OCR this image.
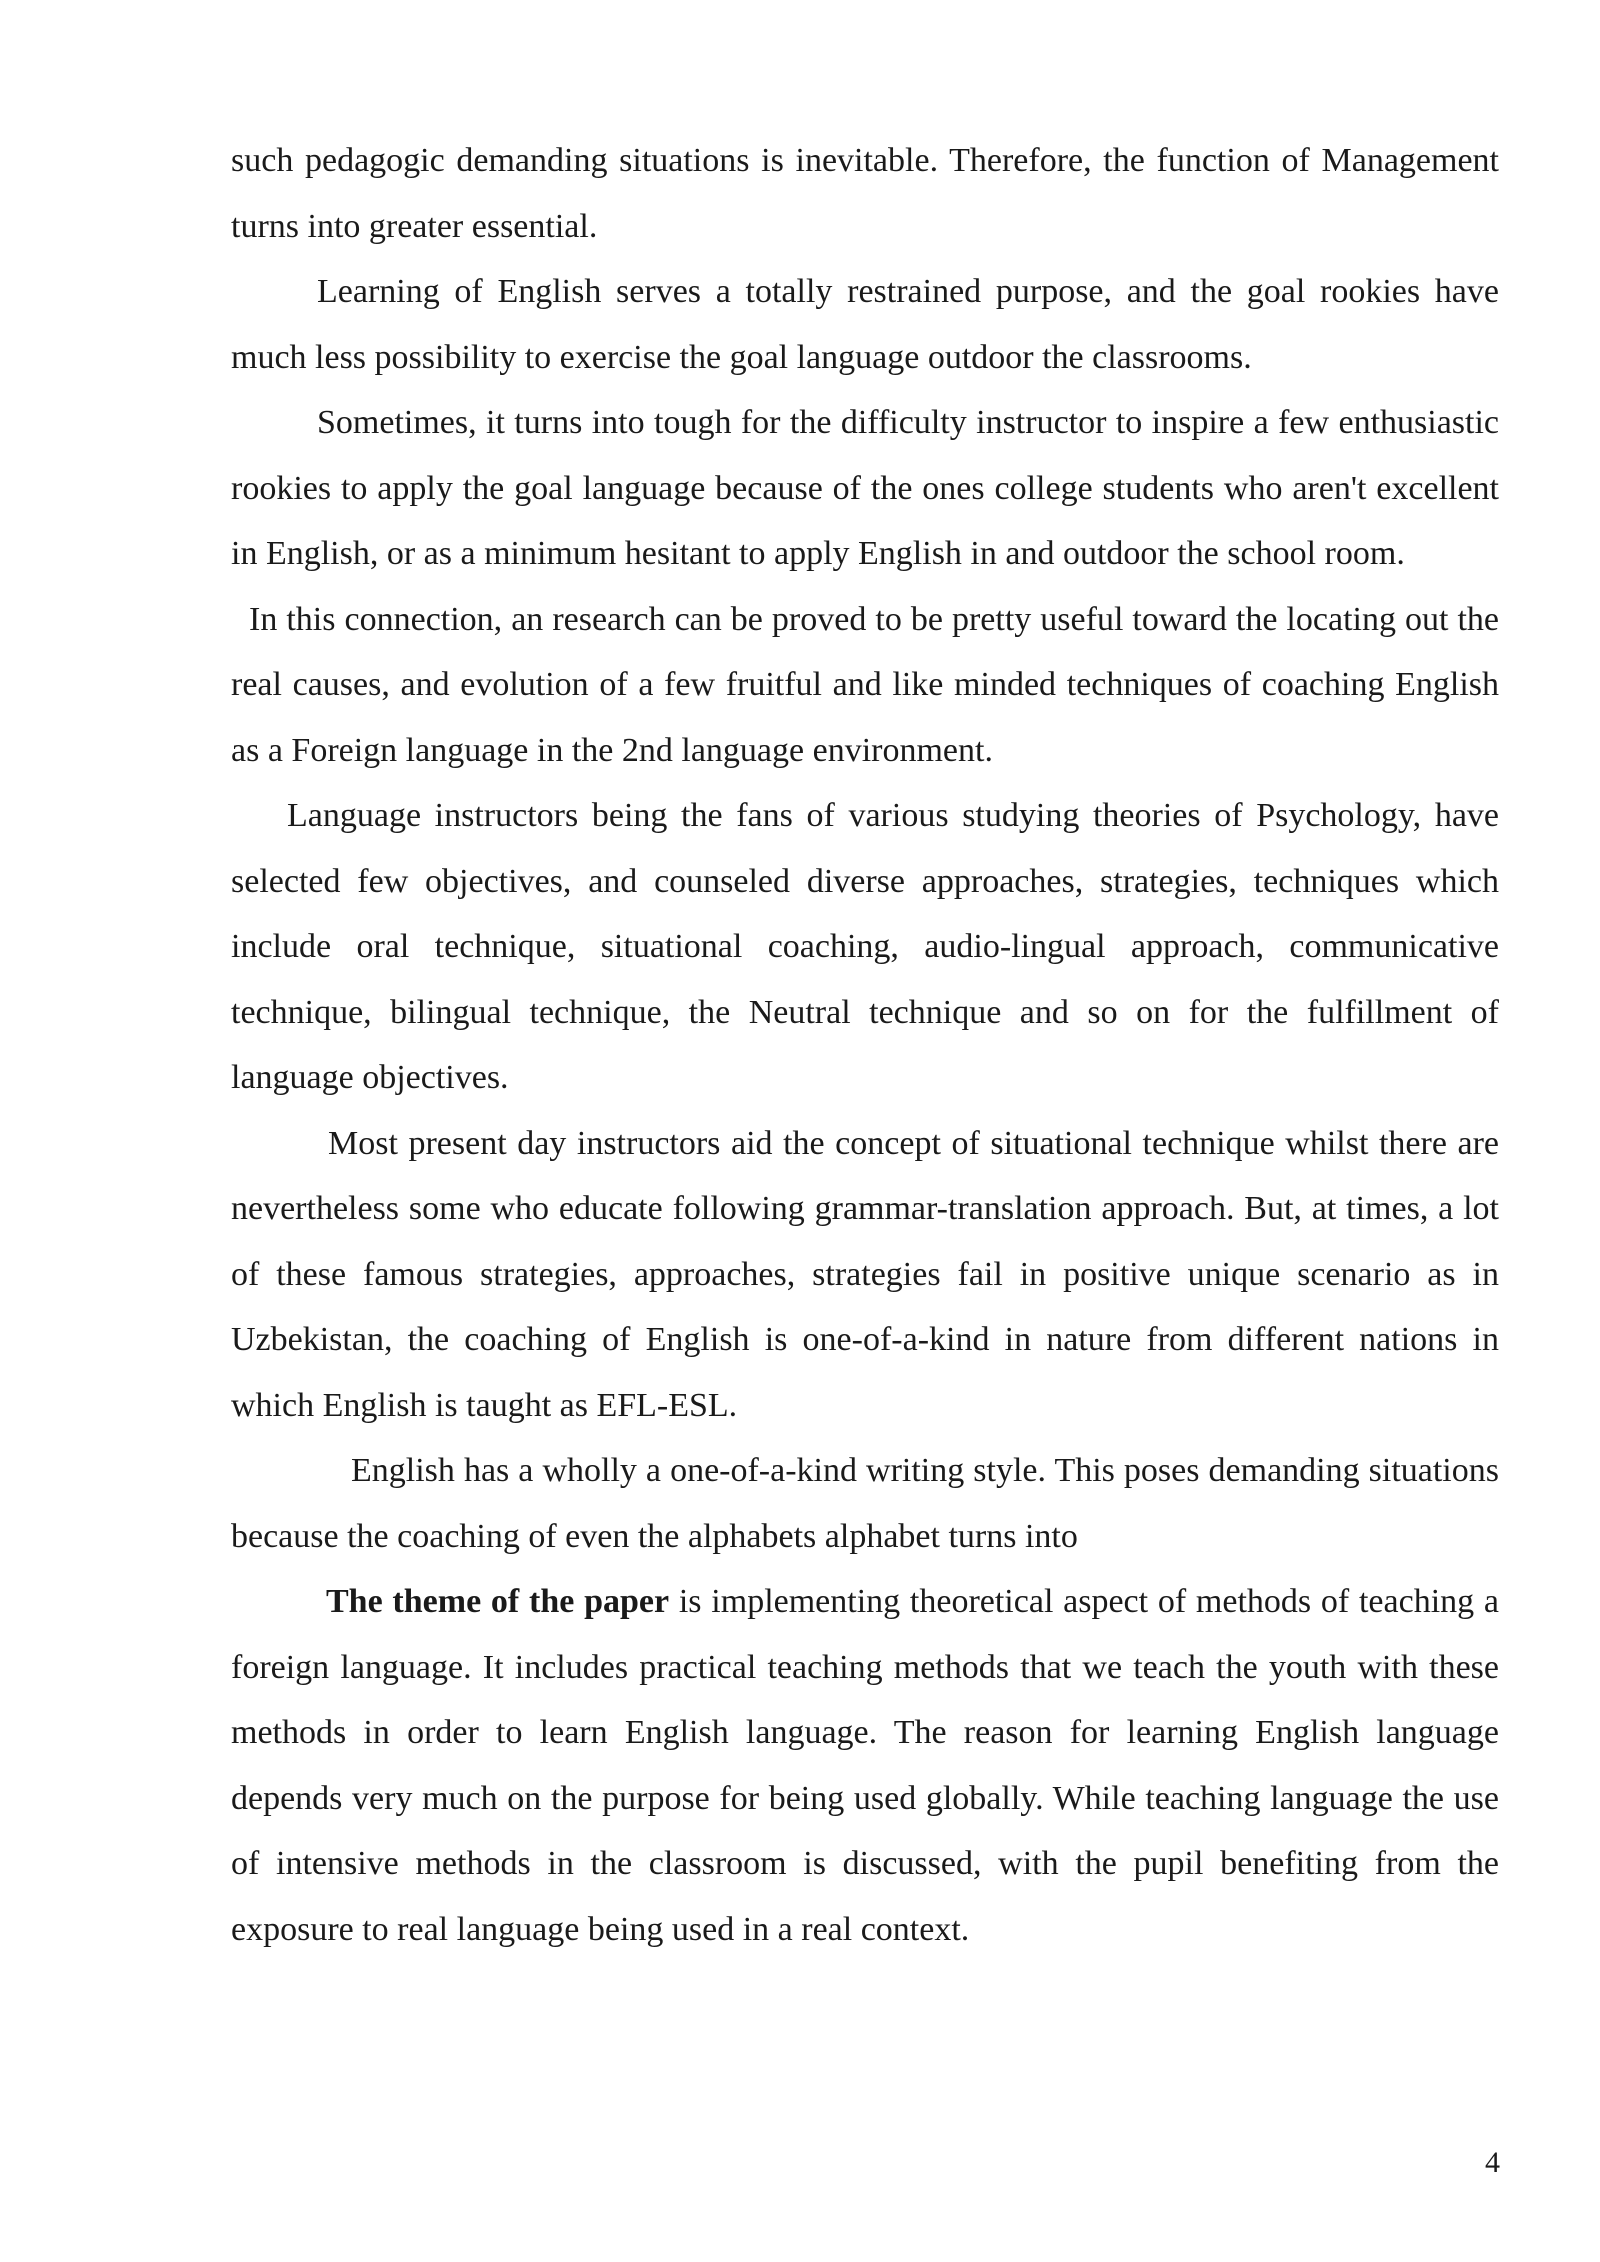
such pedagogic demanding situations is inevitable. Therefore, the function of Management turns into greater essential.

Learning of English serves a totally restrained purpose, and the goal rookies have much less possibility to exercise the goal language outdoor the classrooms.

Sometimes, it turns into tough for the difficulty instructor to inspire a few enthusiastic rookies to apply the goal language because of the ones college students who aren't excellent in English, or as a minimum hesitant to apply English in and outdoor the school room.

In this connection, an research can be proved to be pretty useful toward the locating out the real causes, and evolution of a few fruitful and like minded techniques of coaching English as a Foreign language in the 2nd language environment.

Language instructors being the fans of various studying theories of Psychology, have selected few objectives, and counseled diverse approaches, strategies, techniques which include oral technique, situational coaching, audio-lingual approach, communicative technique, bilingual technique, the Neutral technique and so on for the fulfillment of language objectives.

Most present day instructors aid the concept of situational technique whilst there are nevertheless some who educate following grammar-translation approach. But, at times, a lot of these famous strategies, approaches, strategies fail in positive unique scenario as in Uzbekistan, the coaching of English is one-of-a-kind in nature from different nations in which English is taught as EFL-ESL.

English has a wholly a one-of-a-kind writing style. This poses demanding situations because the coaching of even the alphabets alphabet turns into

The theme of the paper is implementing theoretical aspect of methods of teaching a foreign language. It includes practical teaching methods that we teach the youth with these methods in order to learn English language. The reason for learning English language depends very much on the purpose for being used globally. While teaching language the use of intensive methods in the classroom is discussed, with the pupil benefiting from the exposure to real language being used in a real context.

4
